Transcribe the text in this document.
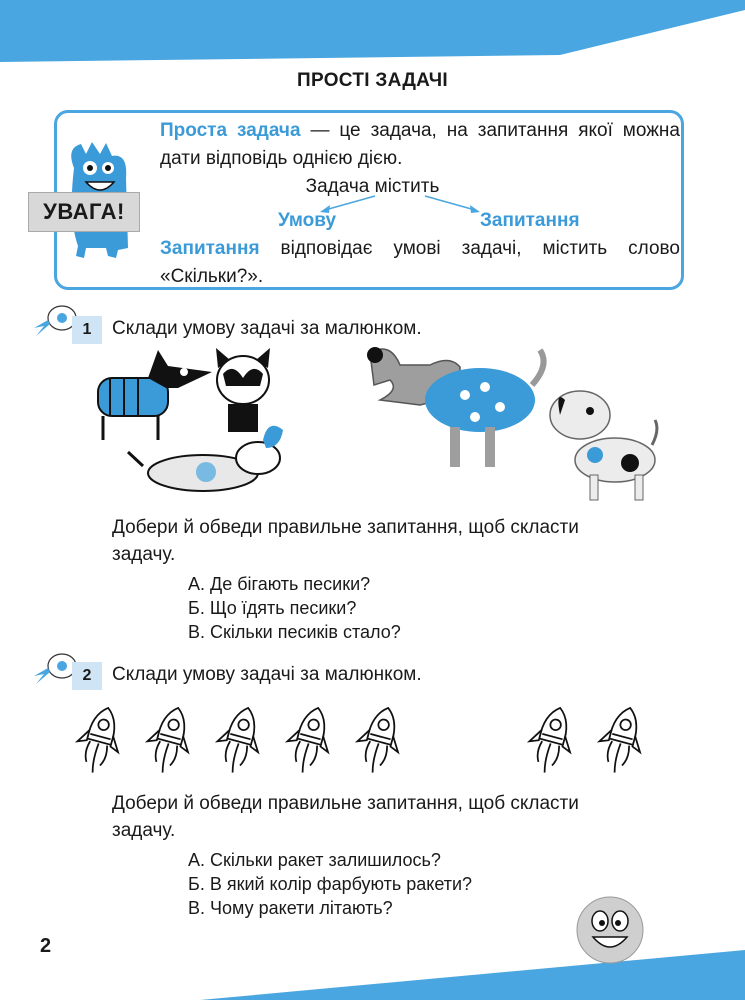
ПРОСТІ ЗАДАЧІ
УВАГА!
Проста задача — це задача, на запитання якої можна дати відповідь однією дією.
Задача містить
Умову	Запитання
Запитання відповідає умові задачі, містить слово «Скільки?».
1	Склади умову задачі за малюнком.
Добери й обведи правильне запитання, щоб скласти задачу.
А. Де бігають песики?
Б. Що їдять песики?
В. Скільки песиків стало?
2	Склади умову задачі за малюнком.
Добери й обведи правильне запитання, щоб скласти задачу.
А. Скільки ракет залишилось?
Б. В який колір фарбують ракети?
В. Чому ракети літають?
2
